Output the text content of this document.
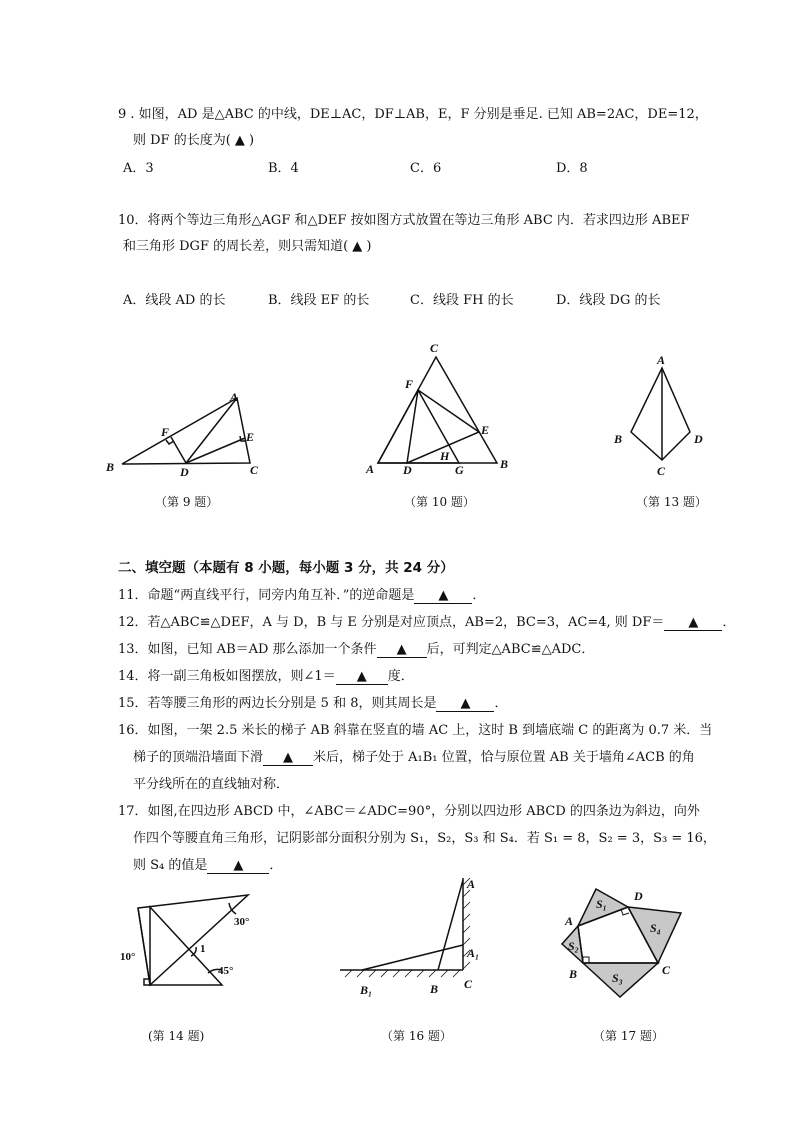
9 . 如图，AD 是△ABC 的中线，DE⊥AC，DF⊥AB，E，F 分别是垂足. 已知 AB=2AC，DE=12，
则 DF 的长度为( ▲ )
A．3	B．4	C．6	D．8
10．将两个等边三角形△AGF 和△DEF 按如图方式放置在等边三角形 ABC 内．若求四边形 ABEF
和三角形 DGF 的周长差，则只需知道( ▲ )
A．线段 AD 的长	B．线段 EF 的长	C．线段 FH 的长	D．线段 DG 的长
A
B	C
D
E
F
A	B
C
D
E
F
G
H
A
B
C
D
（第 9 题）	（第 10 题）	（第 13 题）
二、填空题（本题有 8 小题，每小题 3 分，共 24 分）
11．命题“两直线平行，同旁内角互补．”的逆命题是 ▲ ．
12．若△ABC≌△DEF，A 与 D，B 与 E 分别是对应顶点，AB=2，BC=3，AC=4, 则 DF＝ ▲ ．
13．如图，已知 AB＝AD 那么添加一个条件 ▲ 后，可判定△ABC≌△ADC．
14．将一副三角板如图摆放，则∠1＝ ▲ 度．
15．若等腰三角形的两边长分别是 5 和 8，则其周长是 ▲ ．
16．如图，一架 2.5 米长的梯子 AB 斜靠在竖直的墙 AC 上，这时 B 到墙底端 C 的距离为 0.7 米．当
梯子的顶端沿墙面下滑 ▲ 米后，梯子处于 A₁B₁ 位置，恰与原位置 AB 关于墙角∠ACB 的角
平分线所在的直线轴对称．
17．如图,在四边形 ABCD 中，∠ABC＝∠ADC=90°，分别以四边形 ABCD 的四条边为斜边，向外
作四个等腰直角三角形，记阴影部分面积分别为 S₁，S₂，S₃ 和 S₄．若 S₁ = 8，S₂ = 3，S₃ = 16，
则 S₄ 的值是 ▲ ．
30°
10°
45°
1
A
A₁
B₁	B C
A
B	C
D
S₁
S₂
S₃
S₄
(第 14 题)	（第 16 题）	（第 17 题）
